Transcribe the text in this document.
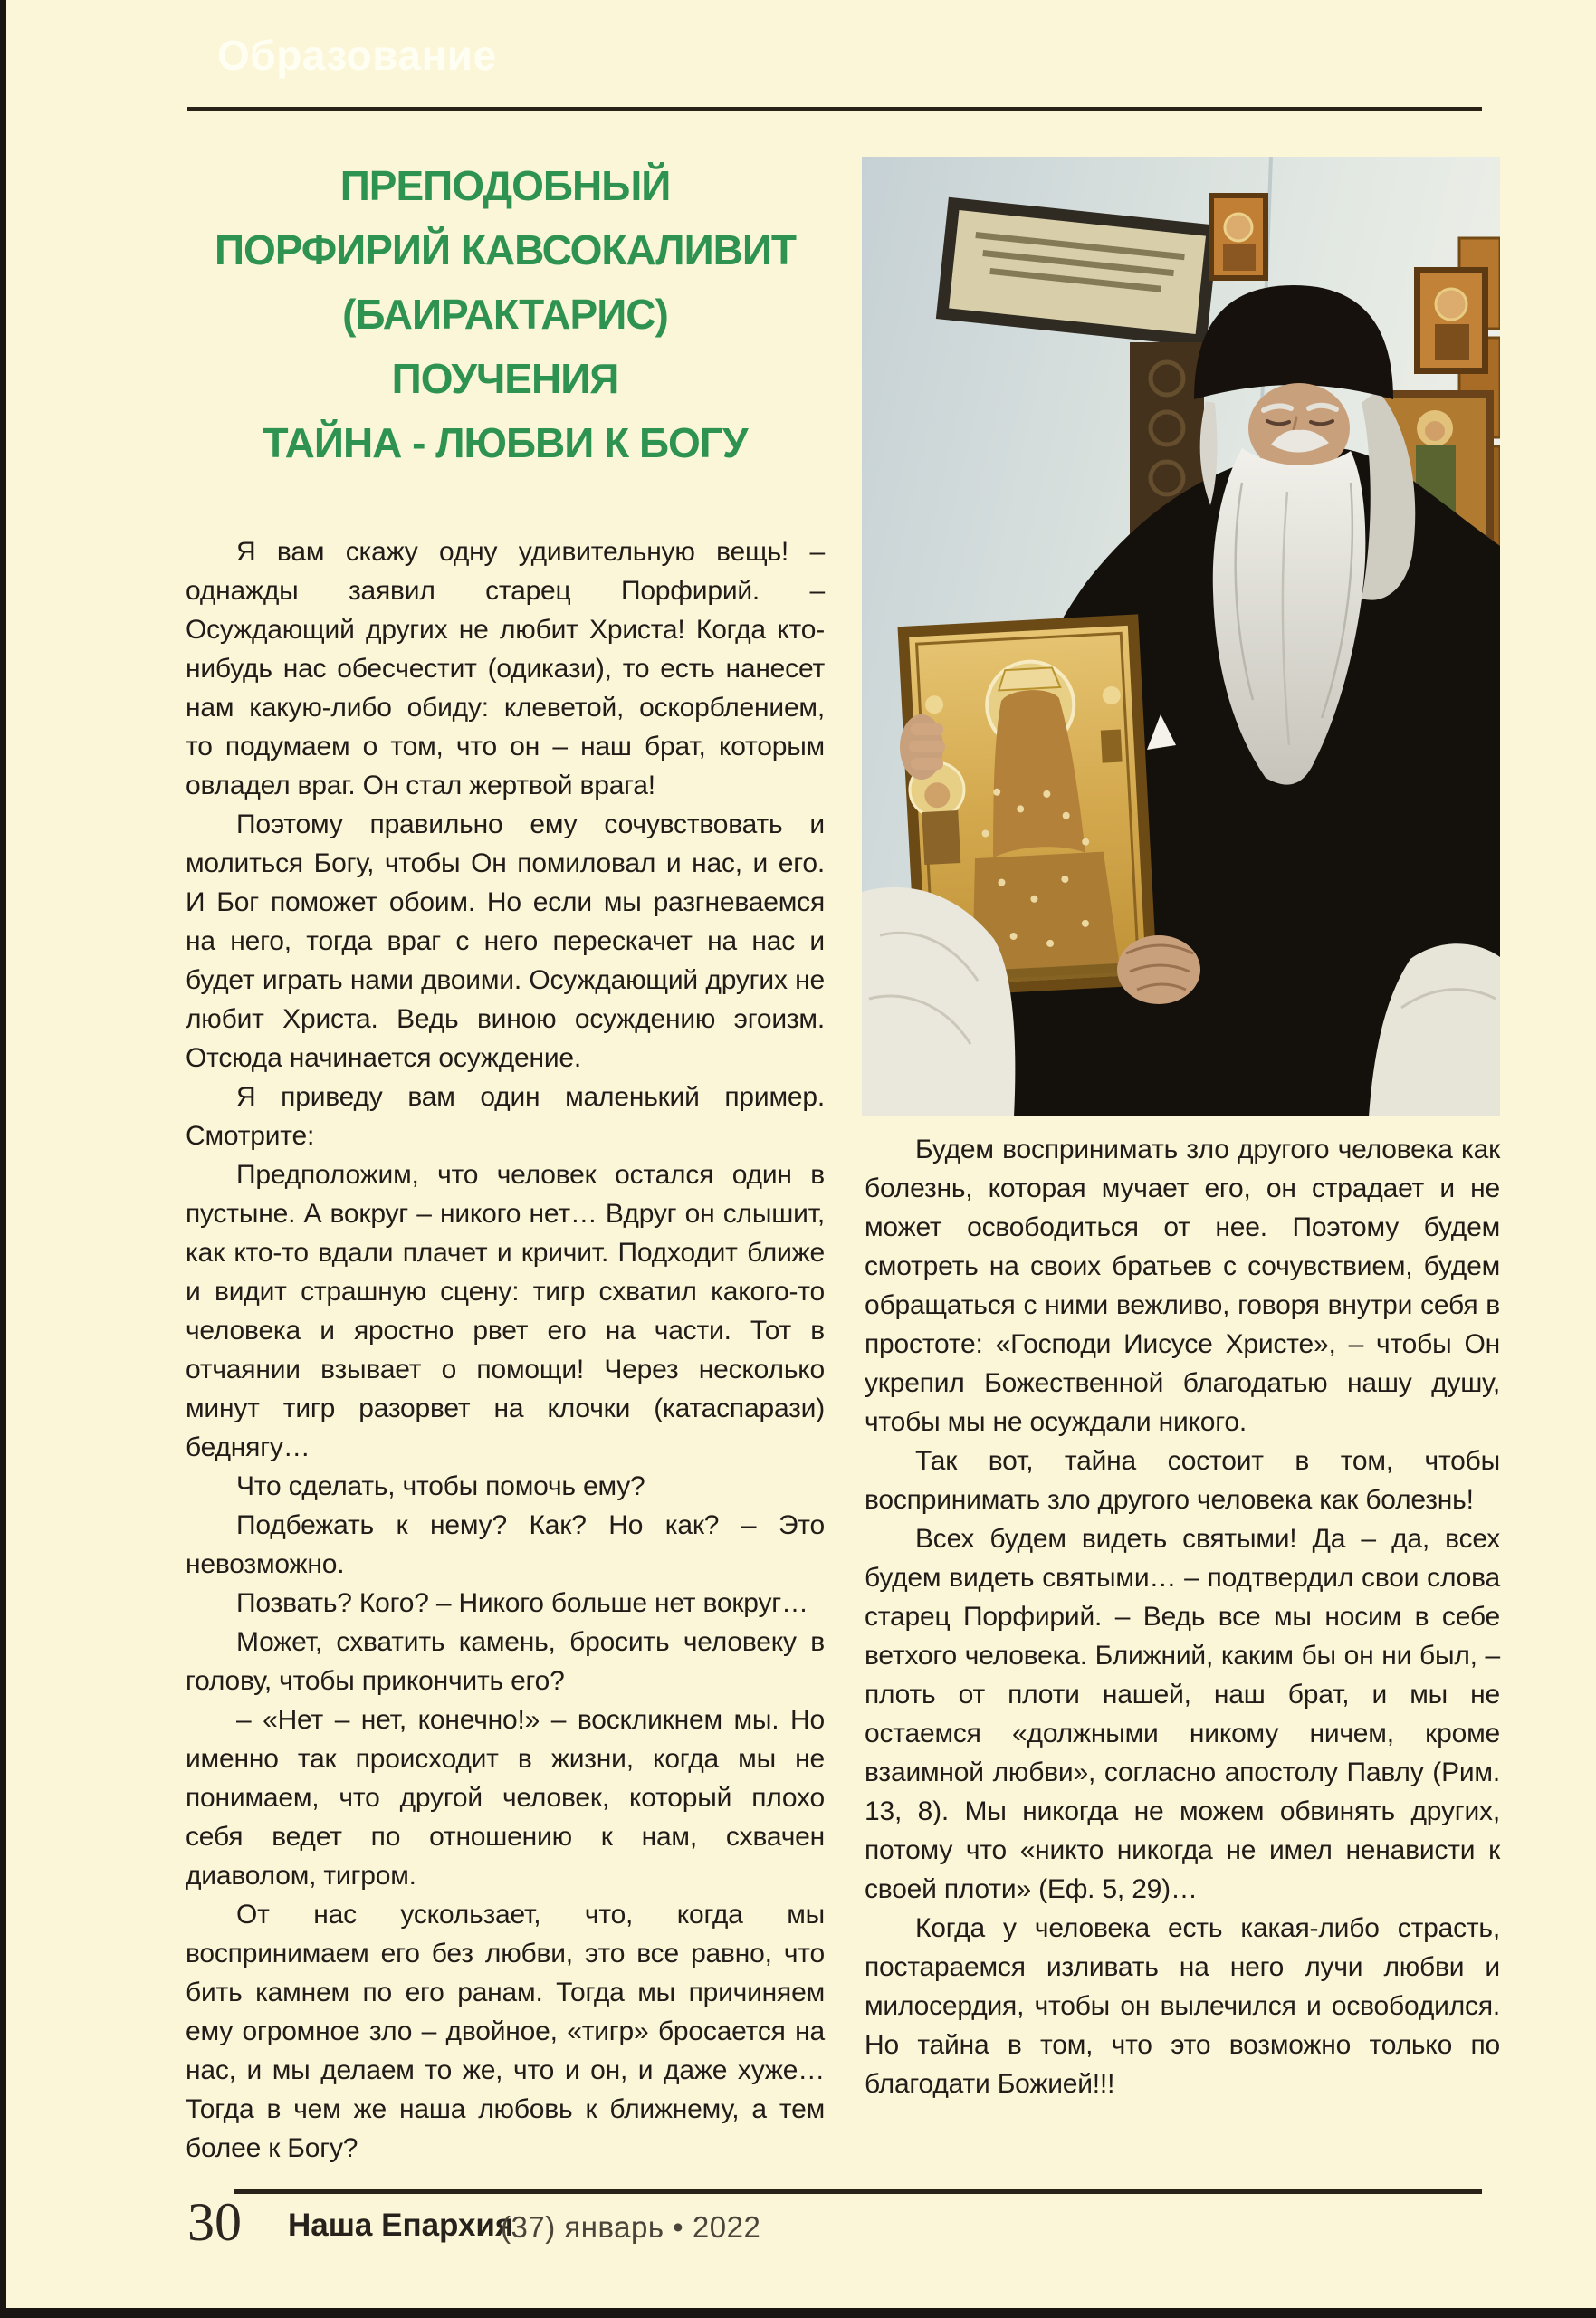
Образование
ПРЕПОДОБНЫЙ
ПОРФИРИЙ КАВСОКАЛИВИТ
(БАИРАКТАРИС)
ПОУЧЕНИЯ
ТАЙНА - ЛЮБВИ К БОГУ

Я вам скажу одну удивительную вещь! – однажды заявил старец Порфирий. – Осуждающий других не любит Христа! Когда кто-нибудь нас обесчестит (одикази), то есть нанесет нам какую-либо обиду: клеветой, оскорблением, то подумаем о том, что он – наш брат, которым овладел враг. Он стал жертвой врага!

Поэтому правильно ему сочувствовать и молиться Богу, чтобы Он помиловал и нас, и его. И Бог поможет обоим. Но если мы разгневаемся на него, тогда враг с него перескачет на нас и будет играть нами двоими. Осуждающий других не любит Христа. Ведь виною осуждению эгоизм. Отсюда начинается осуждение.

Я приведу вам один маленький пример. Смотрите:

Предположим, что человек остался один в пустыне. А вокруг – никого нет… Вдруг он слышит, как кто-то вдали плачет и кричит. Подходит ближе и видит страшную сцену: тигр схватил какого-то человека и яростно рвет его на части. Тот в отчаянии взывает о помощи! Через несколько минут тигр разорвет на клочки (катаспарази) беднягу…

Что сделать, чтобы помочь ему?

Подбежать к нему? Как? Но как? – Это невозможно.

Позвать? Кого? – Никого больше нет вокруг…

Может, схватить камень, бросить человеку в голову, чтобы прикончить его?

– «Нет – нет, конечно!» – воскликнем мы. Но именно так происходит в жизни, когда мы не понимаем, что другой человек, который плохо себя ведет по отношению к нам, схвачен диаволом, тигром.

От нас ускользает, что, когда мы воспринимаем его без любви, это все равно, что бить камнем по его ранам. Тогда мы причиняем ему огромное зло – двойное, «тигр» бросается на нас, и мы делаем то же, что и он, и даже хуже… Тогда в чем же наша любовь к ближнему, а тем более к Богу?

Будем воспринимать зло другого человека как болезнь, которая мучает его, он страдает и не может освободиться от нее. Поэтому будем смотреть на своих братьев с сочувствием, будем обращаться с ними вежливо, говоря внутри себя в простоте: «Господи Иисусе Христе», – чтобы Он укрепил Божественной благодатью нашу душу, чтобы мы не осуждали никого.

Так вот, тайна состоит в том, чтобы воспринимать зло другого человека как болезнь!

Всех будем видеть святыми! Да – да, всех будем видеть святыми… – подтвердил свои слова старец Порфирий. – Ведь все мы носим в себе ветхого человека. Ближний, каким бы он ни был, – плоть от плоти нашей, наш брат, и мы не остаемся «должными никому ничем, кроме взаимной любви», согласно апостолу Павлу (Рим. 13, 8). Мы никогда не можем обвинять других, потому что «никто никогда не имел ненависти к своей плоти» (Еф. 5, 29)…

Когда у человека есть какая-либо страсть, постараемся изливать на него лучи любви и милосердия, чтобы он вылечился и освободился. Но тайна в том, что это возможно только по благодати Божией!!!

30 Наша Епархия
(37) январь • 2022
